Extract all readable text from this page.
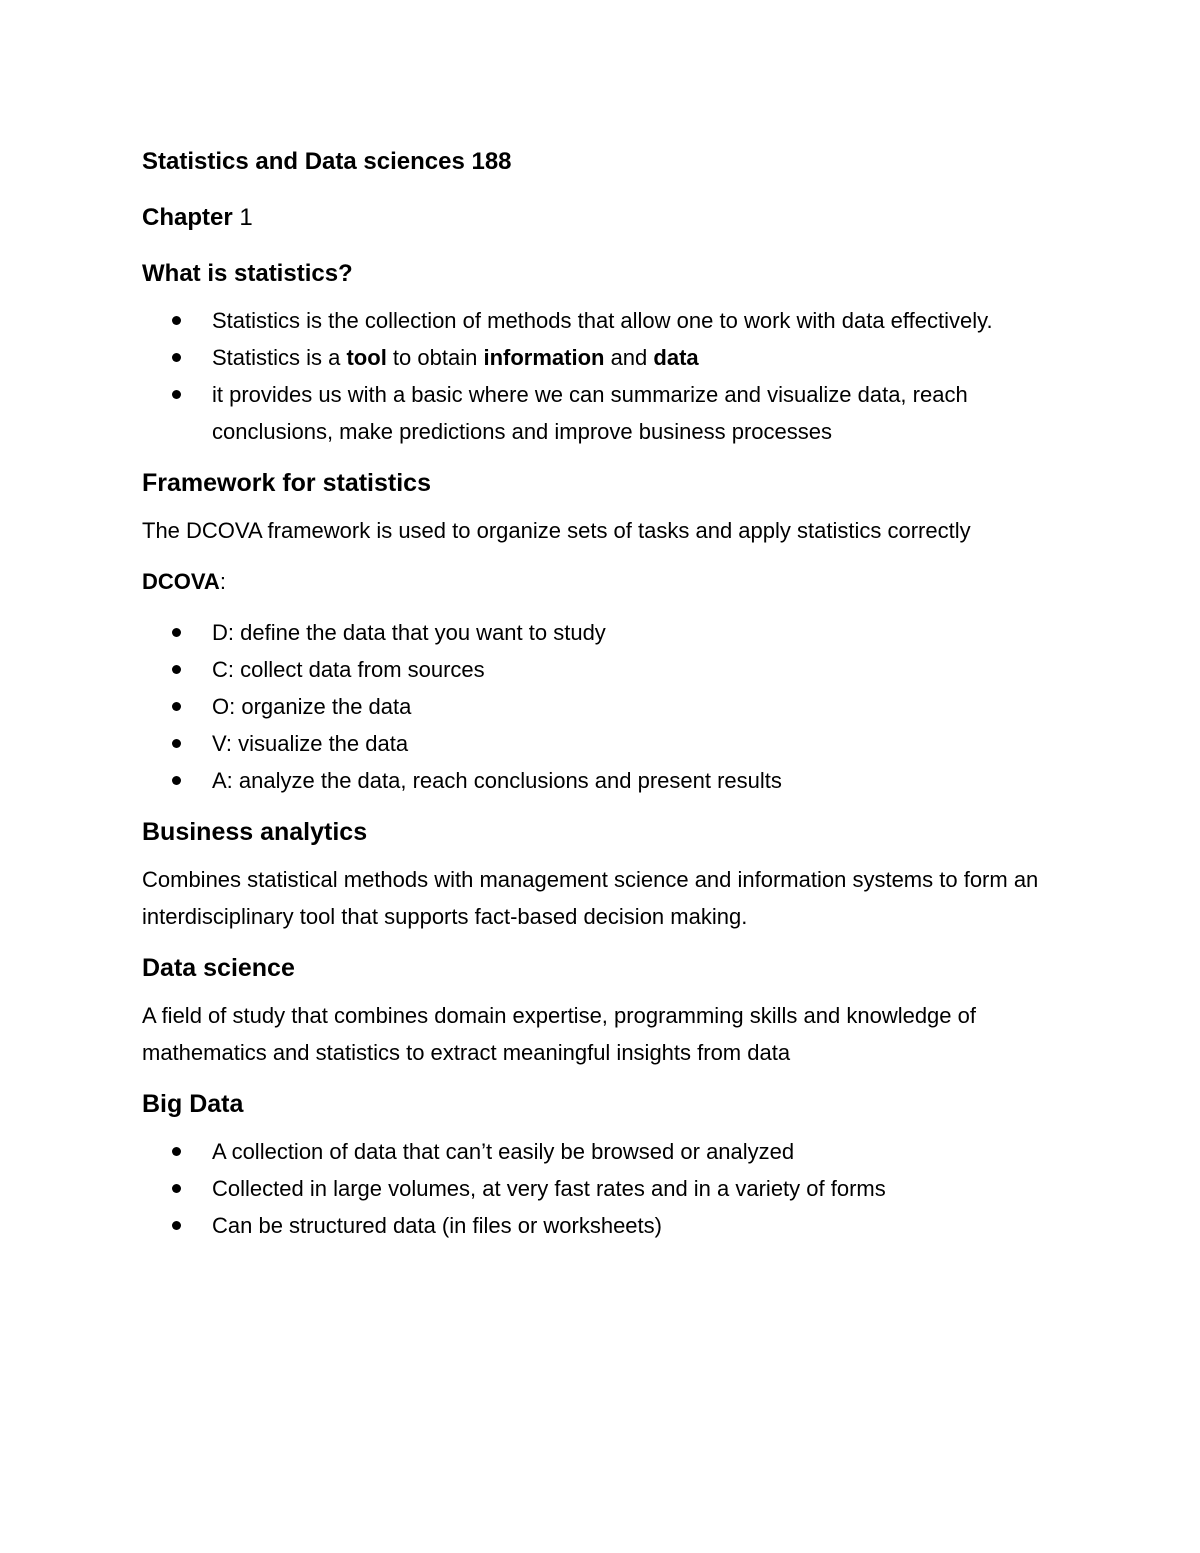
Statistics and Data sciences 188
Chapter 1
What is statistics?
Statistics is the collection of methods that allow one to work with data effectively.
Statistics is a tool to obtain information and data
it provides us with a basic where we can summarize and visualize data, reach conclusions, make predictions and improve business processes
Framework for statistics
The DCOVA framework is used to organize sets of tasks and apply statistics correctly
DCOVA:
D: define the data that you want to study
C: collect data from sources
O: organize the data
V: visualize the data
A: analyze the data, reach conclusions and present results
Business analytics
Combines statistical methods with management science and information systems to form an interdisciplinary tool that supports fact-based decision making.
Data science
A field of study that combines domain expertise, programming skills and knowledge of mathematics and statistics to extract meaningful insights from data
Big Data
A collection of data that can’t easily be browsed or analyzed
Collected in large volumes, at very fast rates and in a variety of forms
Can be structured data (in files or worksheets)
